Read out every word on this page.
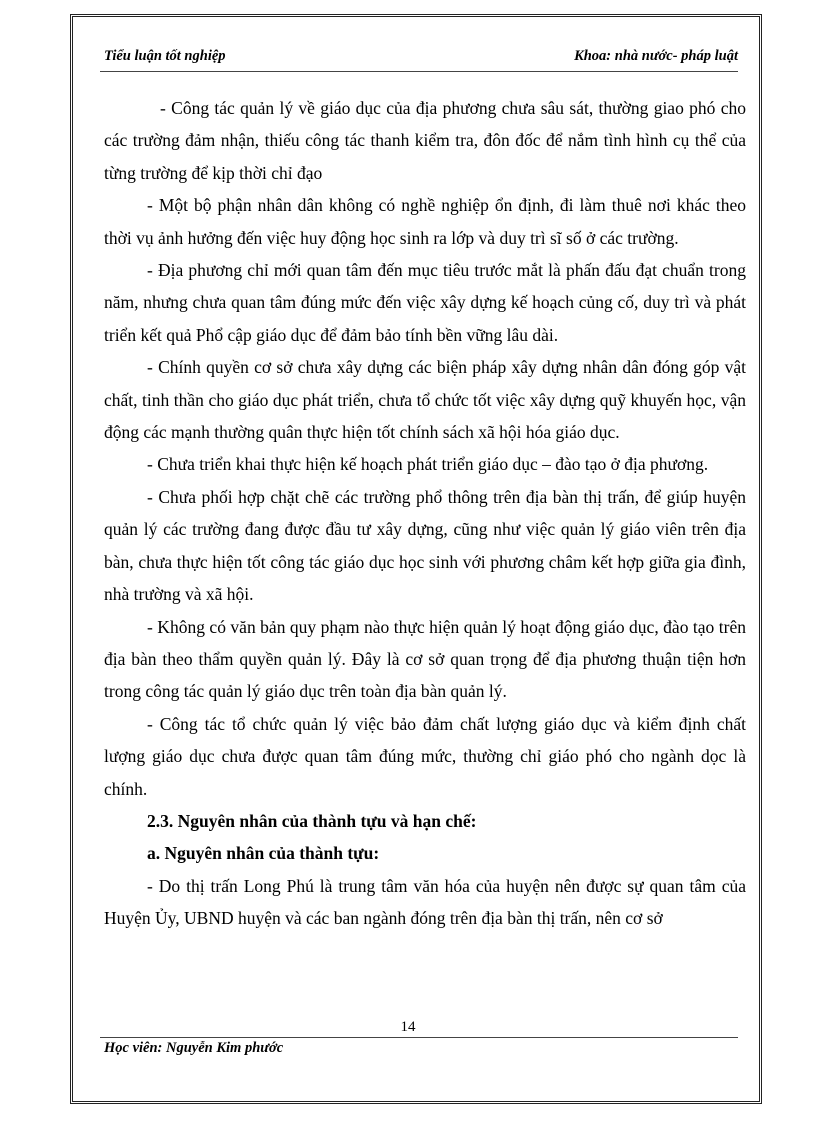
Tiểu luận tốt nghiệp	Khoa: nhà nước- pháp luật

- Công tác quản lý về giáo dục của địa phương chưa sâu sát, thường giao phó cho các trường đảm nhận, thiếu công tác thanh kiểm tra, đôn đốc để nắm tình hình cụ thể của từng trường để kịp thời chỉ đạo

- Một bộ phận nhân dân không có nghề nghiệp ổn định, đi làm thuê nơi khác theo thời vụ ảnh hưởng đến việc huy động học sinh ra lớp và duy trì sĩ số ở các trường.

- Địa phương chỉ mới quan tâm đến mục tiêu trước mắt là phấn đấu đạt chuẩn trong năm, nhưng chưa quan tâm đúng mức đến việc xây dựng kế hoạch củng cố, duy trì và phát triển kết quả Phổ cập giáo dục để đảm bảo tính bền vững lâu dài.

- Chính quyền cơ sở chưa xây dựng các biện pháp xây dựng nhân dân đóng góp vật chất, tinh thần cho giáo dục phát triển, chưa tổ chức tốt việc xây dựng quỹ khuyến học, vận động các mạnh thường quân thực hiện tốt chính sách xã hội hóa giáo dục.

- Chưa triển khai thực hiện kế hoạch phát triển giáo dục – đào tạo ở địa phương.

- Chưa phối hợp chặt chẽ các trường phổ thông trên địa bàn thị trấn, để giúp huyện quản lý các trường đang được đầu tư xây dựng, cũng như việc quản lý giáo viên trên địa bàn, chưa thực hiện tốt công tác giáo dục học sinh với phương châm kết hợp giữa gia đình, nhà trường và xã hội.

- Không có văn bản quy phạm nào thực hiện quản lý hoạt động giáo dục, đào tạo trên địa bàn theo thẩm quyền quản lý. Đây là cơ sở quan trọng để địa phương thuận tiện hơn trong công tác quản lý giáo dục trên toàn địa bàn quản lý.

- Công tác tổ chức quản lý việc bảo đảm chất lượng giáo dục và kiểm định chất lượng giáo dục chưa được quan tâm đúng mức, thường chỉ giáo phó cho ngành dọc là chính.

2.3. Nguyên nhân của thành tựu và hạn chế:
a. Nguyên nhân của thành tựu:

- Do thị trấn Long Phú là trung tâm văn hóa của huyện nên được sự quan tâm của Huyện Ủy, UBND huyện và các ban ngành đóng trên địa bàn thị trấn, nên cơ sở

14
Học viên: Nguyễn Kim phước
